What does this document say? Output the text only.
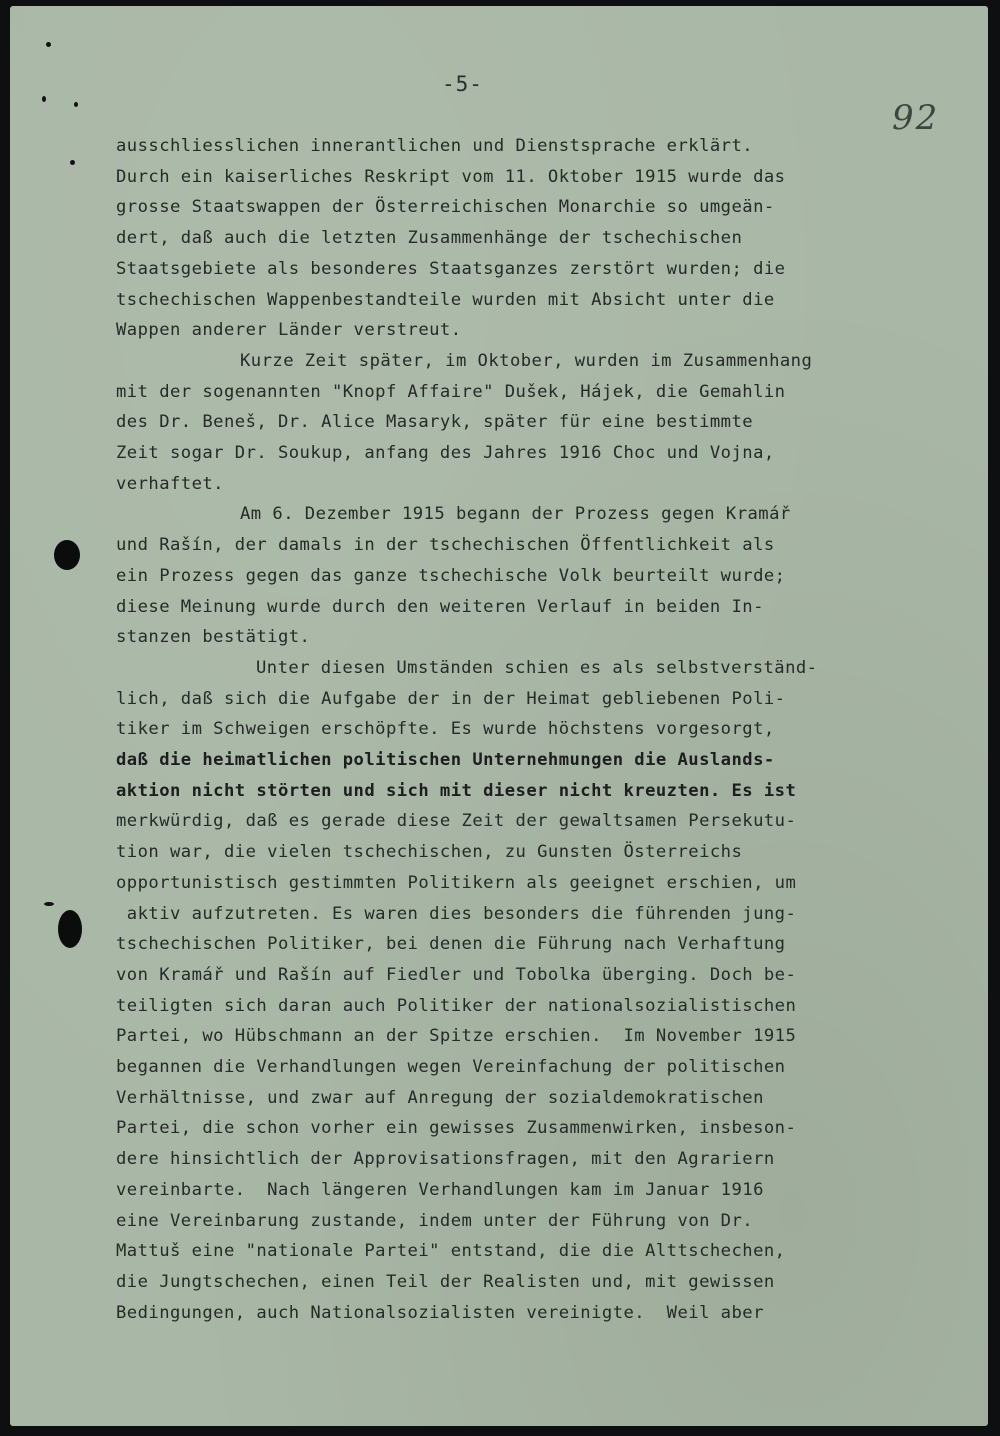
-5-
92
ausschliesslichen innerantlichen und Dienstsprache erklärt.
Durch ein kaiserliches Reskript vom 11. Oktober 1915 wurde das
grosse Staatswappen der Österreichischen Monarchie so umgeän-
dert, daß auch die letzten Zusammenhänge der tschechischen
Staatsgebiete als besonderes Staatsganzes zerstört wurden; die
tschechischen Wappenbestandteile wurden mit Absicht unter die
Wappen anderer Länder verstreut.
Kurze Zeit später, im Oktober, wurden im Zusammenhang
mit der sogenannten "Knopf Affaire" Dušek, Hájek, die Gemahlin
des Dr. Beneš, Dr. Alice Masaryk, später für eine bestimmte
Zeit sogar Dr. Soukup, anfang des Jahres 1916 Choc und Vojna,
verhaftet.
Am 6. Dezember 1915 begann der Prozess gegen Kramář
und Rašín, der damals in der tschechischen Öffentlichkeit als
ein Prozess gegen das ganze tschechische Volk beurteilt wurde;
diese Meinung wurde durch den weiteren Verlauf in beiden In-
stanzen bestätigt.
Unter diesen Umständen schien es als selbstverständ-
lich, daß sich die Aufgabe der in der Heimat gebliebenen Poli-
tiker im Schweigen erschöpfte. Es wurde höchstens vorgesorgt,
daß die heimatlichen politischen Unternehmungen die Auslands-
aktion nicht störten und sich mit dieser nicht kreuzten. Es ist
merkwürdig, daß es gerade diese Zeit der gewaltsamen Persekutu-
tion war, die vielen tschechischen, zu Gunsten Österreichs
opportunistisch gestimmten Politikern als geeignet erschien, um
aktiv aufzutreten. Es waren dies besonders die führenden jung-
tschechischen Politiker, bei denen die Führung nach Verhaftung
von Kramář und Rašín auf Fiedler und Tobolka überging. Doch be-
teiligten sich daran auch Politiker der nationalsozialistischen
Partei, wo Hübschmann an der Spitze erschien.  Im November 1915
begannen die Verhandlungen wegen Vereinfachung der politischen
Verhältnisse, und zwar auf Anregung der sozialdemokratischen
Partei, die schon vorher ein gewisses Zusammenwirken, insbeson-
dere hinsichtlich der Approvisationsfragen, mit den Agrariern
vereinbarte.  Nach längeren Verhandlungen kam im Januar 1916
eine Vereinbarung zustande, indem unter der Führung von Dr.
Mattuš eine "nationale Partei" entstand, die die Alttschechen,
die Jungtschechen, einen Teil der Realisten und, mit gewissen
Bedingungen, auch Nationalsozialisten vereinigte.  Weil aber
